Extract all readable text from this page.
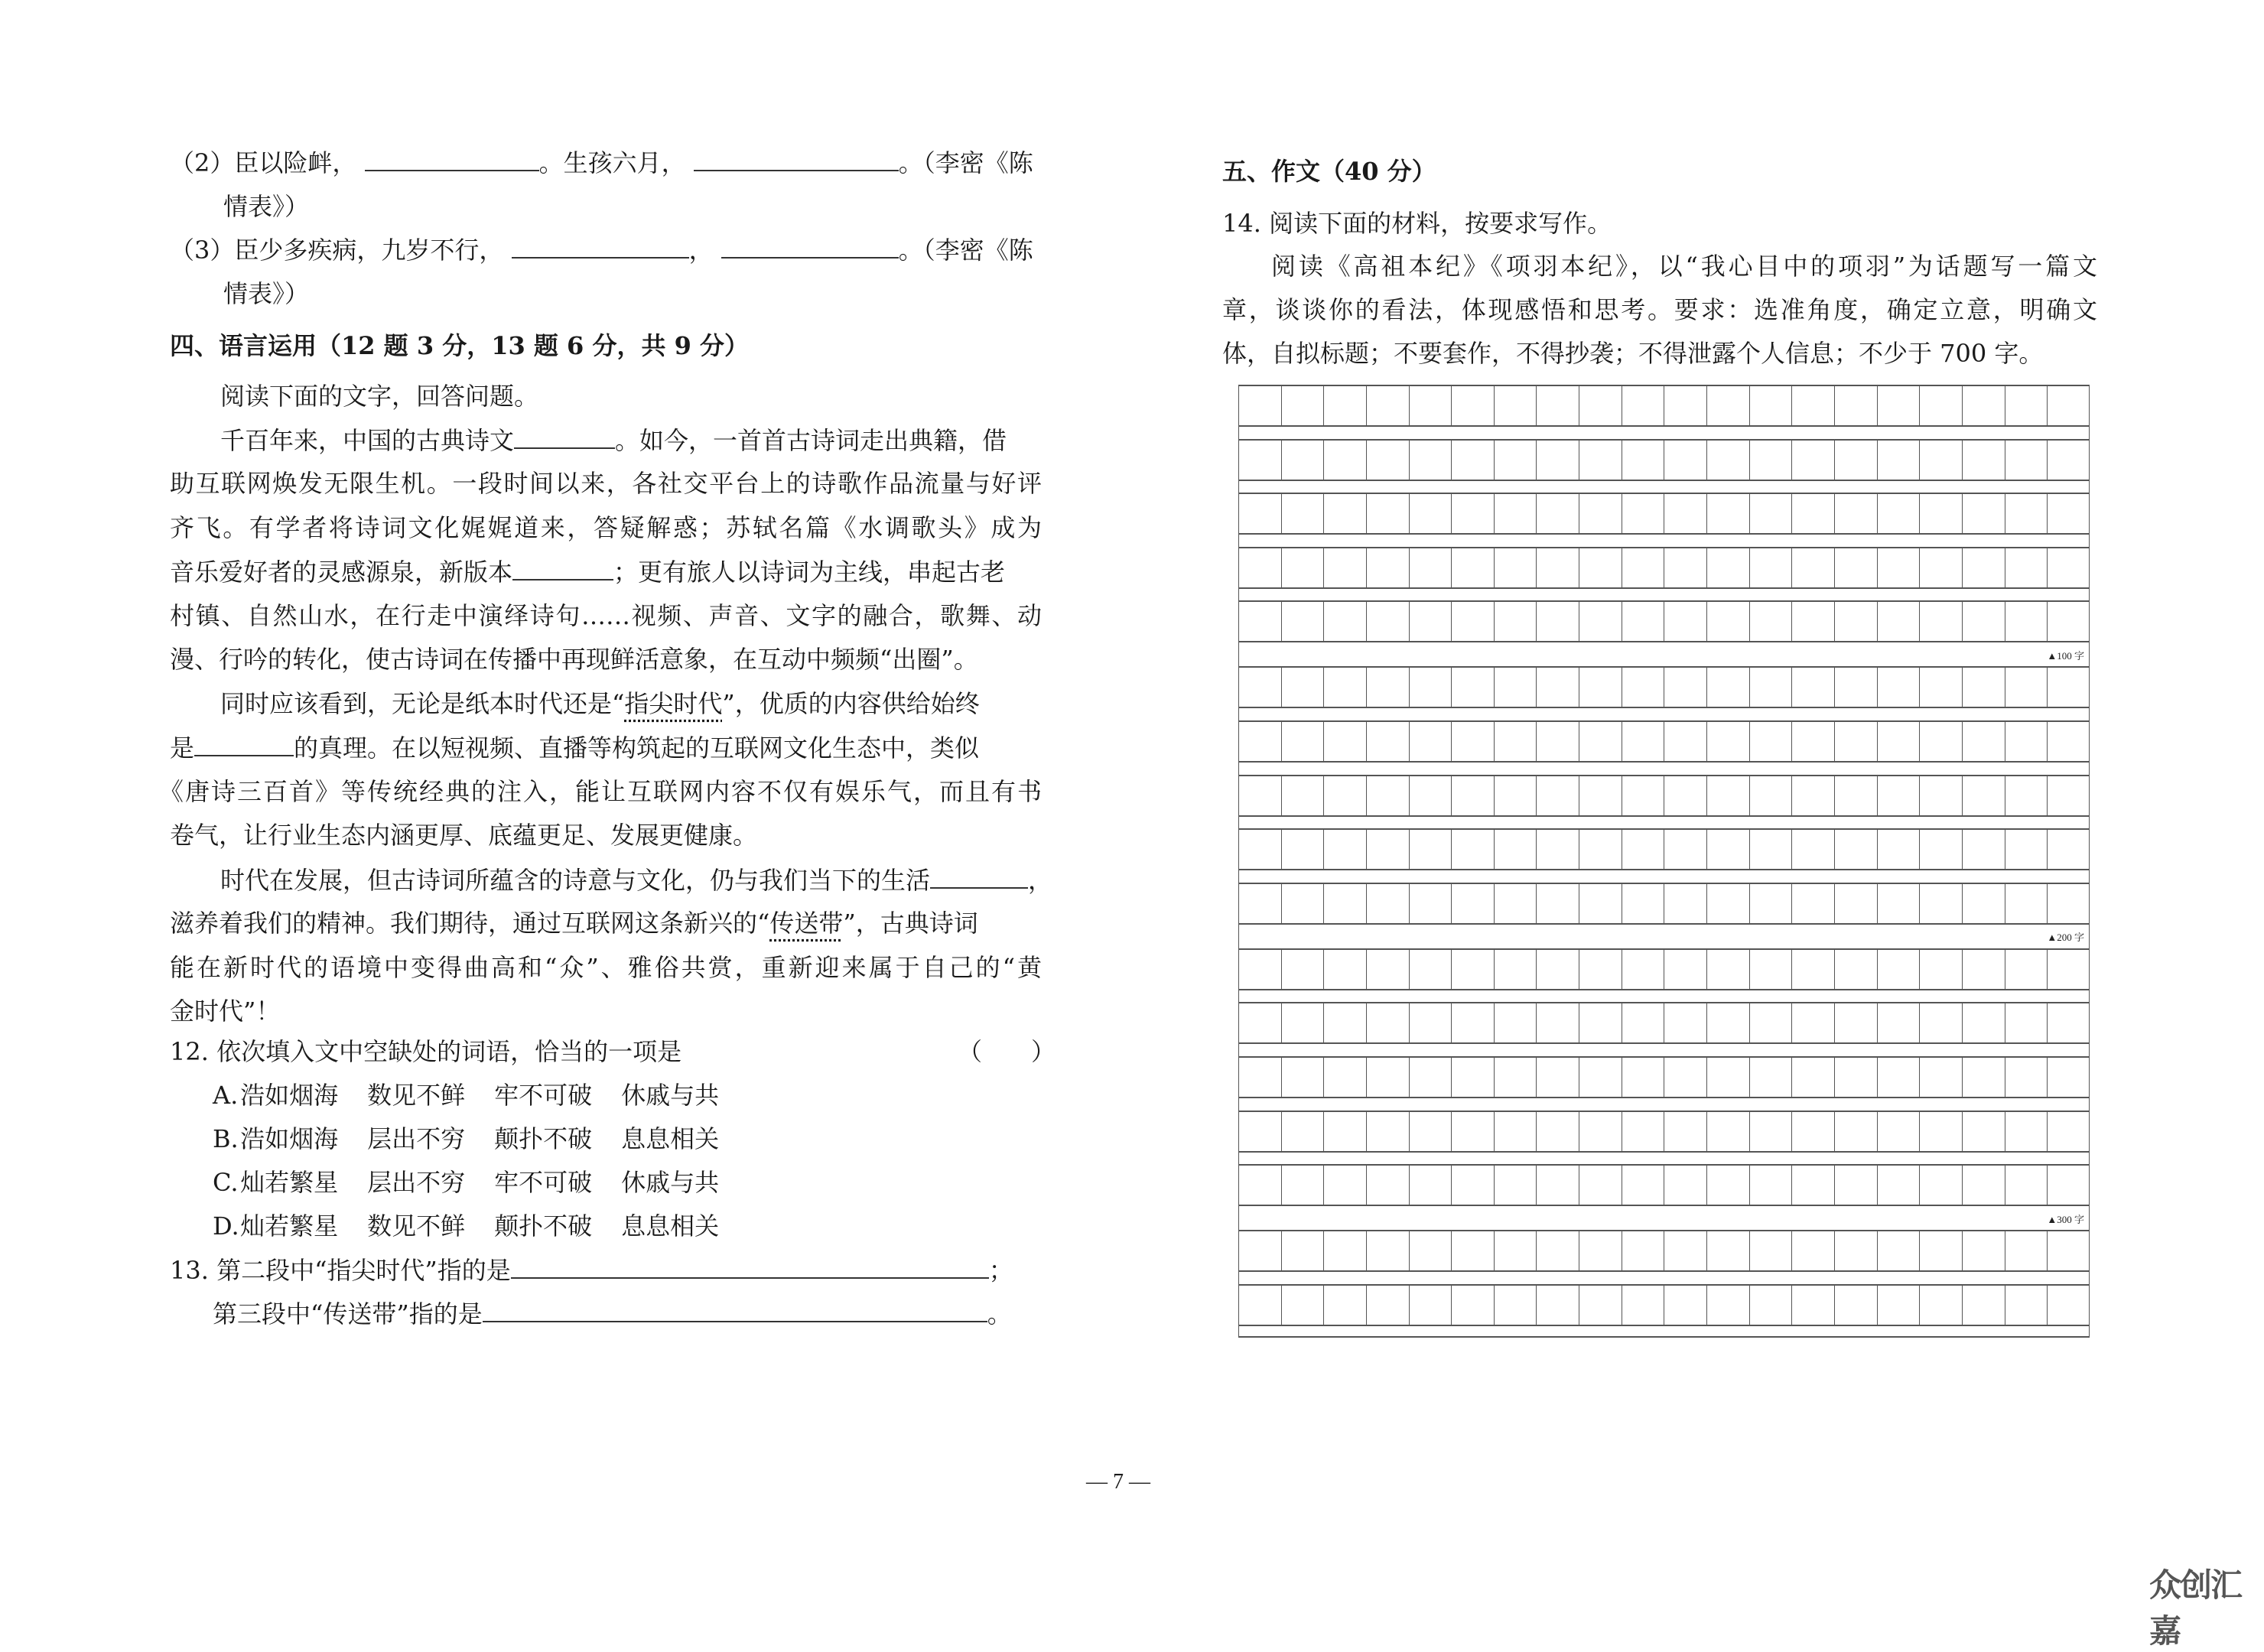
（2）臣以险衅，	。生孩六月，	。（李密《陈
情表》）
（3）臣少多疾病，九岁不行，	，	。（李密《陈
情表》）
四、语言运用（12 题 3 分，13 题 6 分，共 9 分）
阅读下面的文字，回答问题。
千百年来，中国的古典诗文	。如今，一首首古诗词走出典籍，借
助互联网焕发无限生机。一段时间以来，各社交平台上的诗歌作品流量与好评
齐飞。有学者将诗词文化娓娓道来，答疑解惑；苏轼名篇《水调歌头》成为
音乐爱好者的灵感源泉，新版本	；更有旅人以诗词为主线，串起古老
村镇、自然山水，在行走中演绎诗句……视频、声音、文字的融合，歌舞、动
漫、行吟的转化，使古诗词在传播中再现鲜活意象，在互动中频频“出圈”。
同时应该看到，无论是纸本时代还是“指尖时代”，优质的内容供给始终
是	的真理。在以短视频、直播等构筑起的互联网文化生态中，类似
《唐诗三百首》等传统经典的注入，能让互联网内容不仅有娱乐气，而且有书
卷气，让行业生态内涵更厚、底蕴更足、发展更健康。
时代在发展，但古诗词所蕴含的诗意与文化，仍与我们当下的生活	，
滋养着我们的精神。我们期待，通过互联网这条新兴的“传送带”，古典诗词
能在新时代的语境中变得曲高和“众”、雅俗共赏，重新迎来属于自己的“黄
金时代”！
12. 依次填入文中空缺处的词语，恰当的一项是	（　　）
A. 浩如烟海 数见不鲜 牢不可破 休戚与共
B. 浩如烟海 层出不穷 颠扑不破 息息相关
C. 灿若繁星 层出不穷 牢不可破 休戚与共
D. 灿若繁星 数见不鲜 颠扑不破 息息相关
13. 第二段中“指尖时代”指的是	；
第三段中“传送带”指的是	。
五、作文（40 分）
14. 阅读下面的材料，按要求写作。
阅读《高祖本纪》《项羽本纪》，以“我心目中的项羽”为话题写一篇文
章，谈谈你的看法，体现感悟和思考。要求：选准角度，确定立意，明确文
体，自拟标题；不要套作，不得抄袭；不得泄露个人信息；不少于 700 字。
▲100 字
▲200 字
▲300 字
— 7 —
众创汇嘉
